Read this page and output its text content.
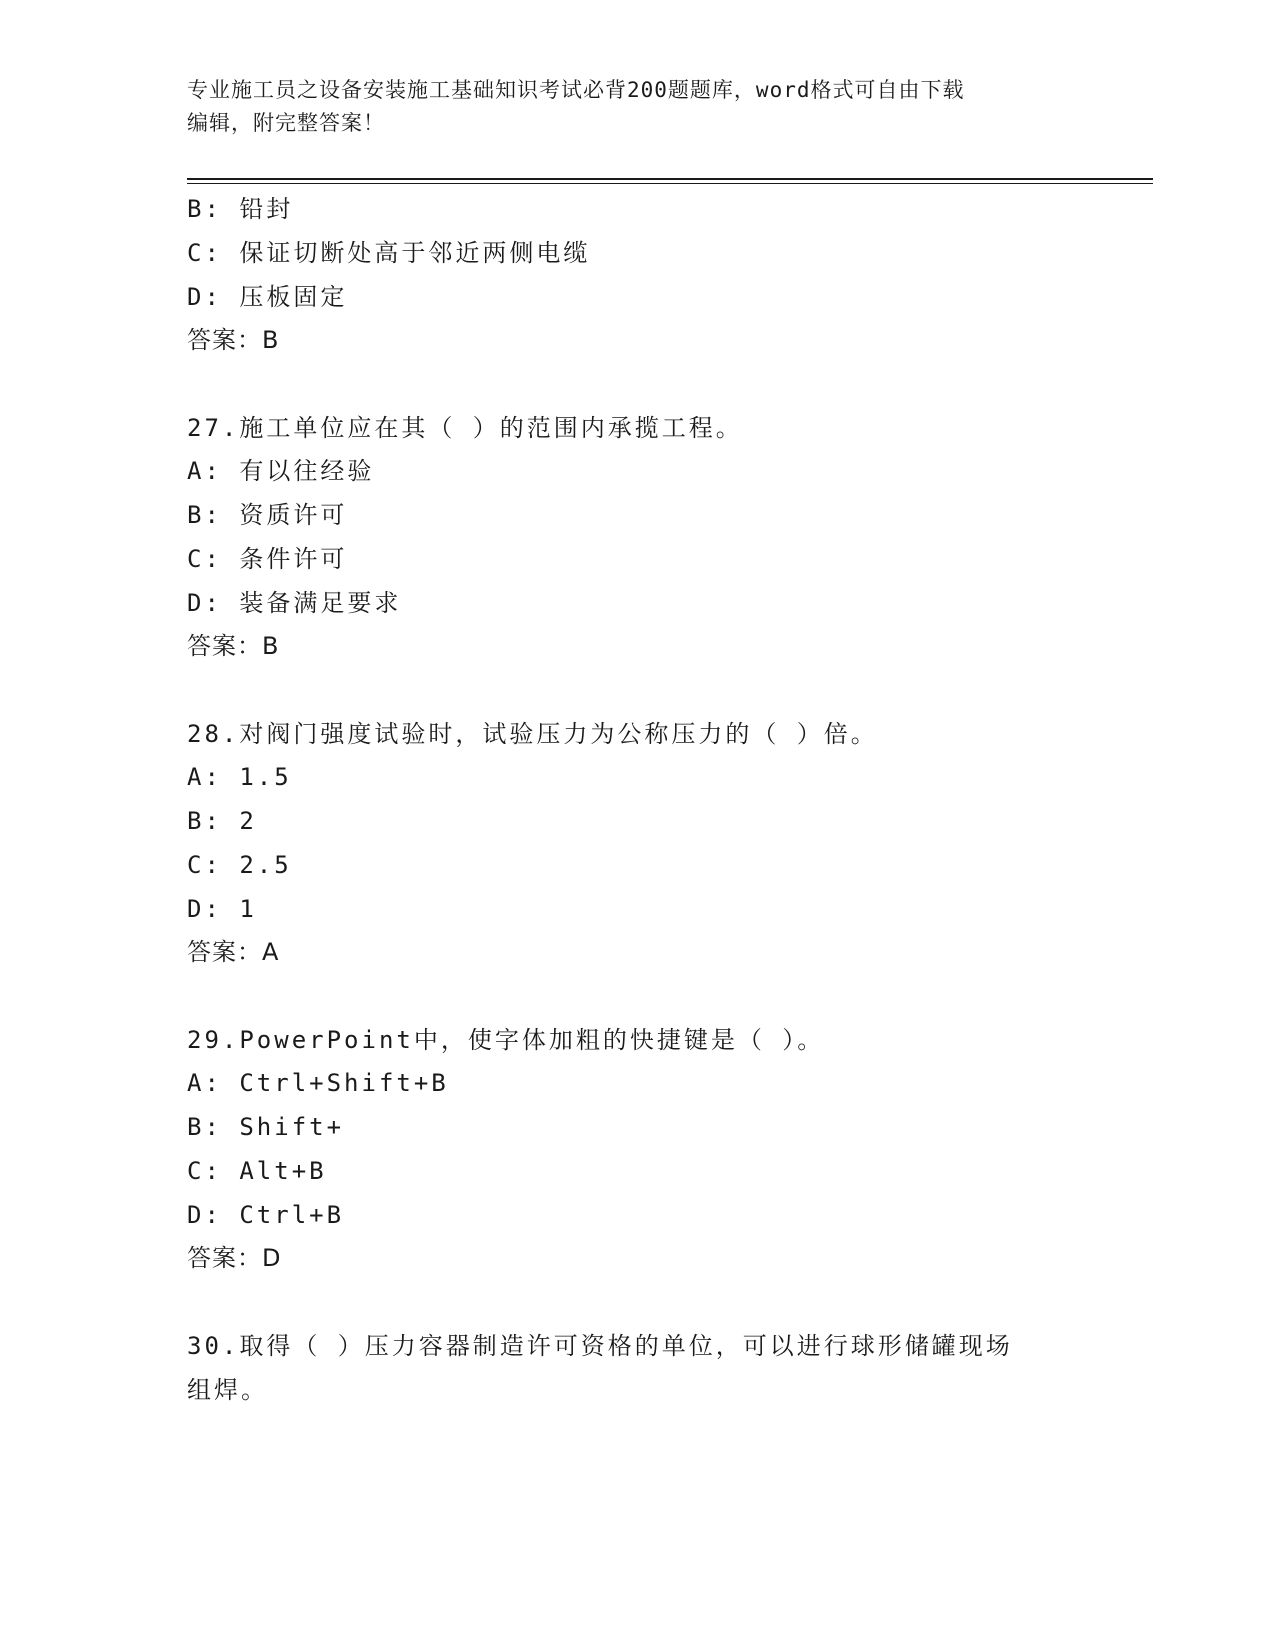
专业施工员之设备安装施工基础知识考试必背200题题库，word格式可自由下载
编辑，附完整答案！
B: 铅封
C: 保证切断处高于邻近两侧电缆
D: 压板固定
答案：B
27.施工单位应在其（ ）的范围内承揽工程。
A: 有以往经验
B: 资质许可
C: 条件许可
D: 装备满足要求
答案：B
28.对阀门强度试验时，试验压力为公称压力的（ ）倍。
A: 1.5
B: 2
C: 2.5
D: 1
答案：A
29.PowerPoint中，使字体加粗的快捷键是（ ）。
A: Ctrl+Shift+B
B: Shift+
C: Alt+B
D: Ctrl+B
答案：D
30.取得（ ）压力容器制造许可资格的单位，可以进行球形储罐现场
组焊。
